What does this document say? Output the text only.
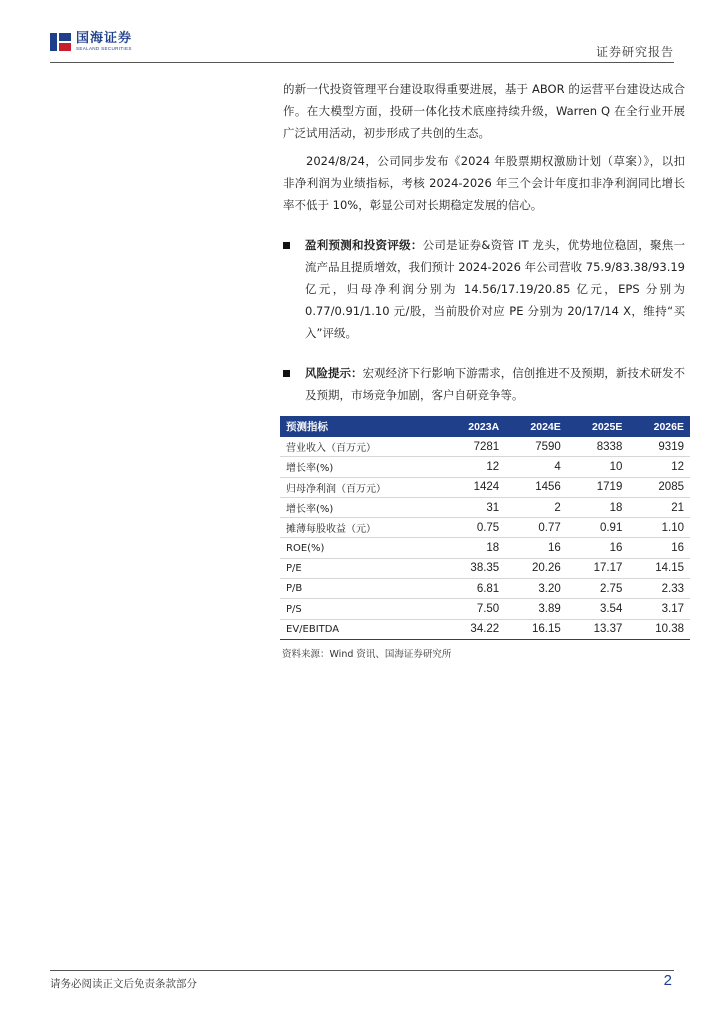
国海证券
SEALAND SECURITIES	证券研究报告

的新一代投资管理平台建设取得重要进展，基于 ABOR 的运营平台建设达成合作。在大模型方面，投研一体化技术底座持续升级，Warren Q 在全行业开展广泛试用活动，初步形成了共创的生态。

2024/8/24，公司同步发布《2024 年股票期权激励计划（草案）》，以扣非净利润为业绩指标，考核 2024-2026 年三个会计年度扣非净利润同比增长率不低于 10%，彰显公司对长期稳定发展的信心。

盈利预测和投资评级：公司是证券&资管 IT 龙头，优势地位稳固，聚焦一流产品且提质增效，我们预计 2024-2026 年公司营收 75.9/83.38/93.19 亿元，归母净利润分别为 14.56/17.19/20.85 亿元，EPS 分别为 0.77/0.91/1.10 元/股，当前股价对应 PE 分别为 20/17/14 X，维持“买入”评级。

风险提示：宏观经济下行影响下游需求，信创推进不及预期，新技术研发不及预期，市场竞争加剧，客户自研竞争等。

预测指标	2023A	2024E	2025E	2026E
营业收入（百万元）	7281	7590	8338	9319
增长率(%)	12	4	10	12
归母净利润（百万元）	1424	1456	1719	2085
增长率(%)	31	2	18	21
摊薄每股收益（元）	0.75	0.77	0.91	1.10
ROE(%)	18	16	16	16
P/E	38.35	20.26	17.17	14.15
P/B	6.81	3.20	2.75	2.33
P/S	7.50	3.89	3.54	3.17
EV/EBITDA	34.22	16.15	13.37	10.38
资料来源：Wind 资讯、国海证券研究所
请务必阅读正文后免责条款部分	2
